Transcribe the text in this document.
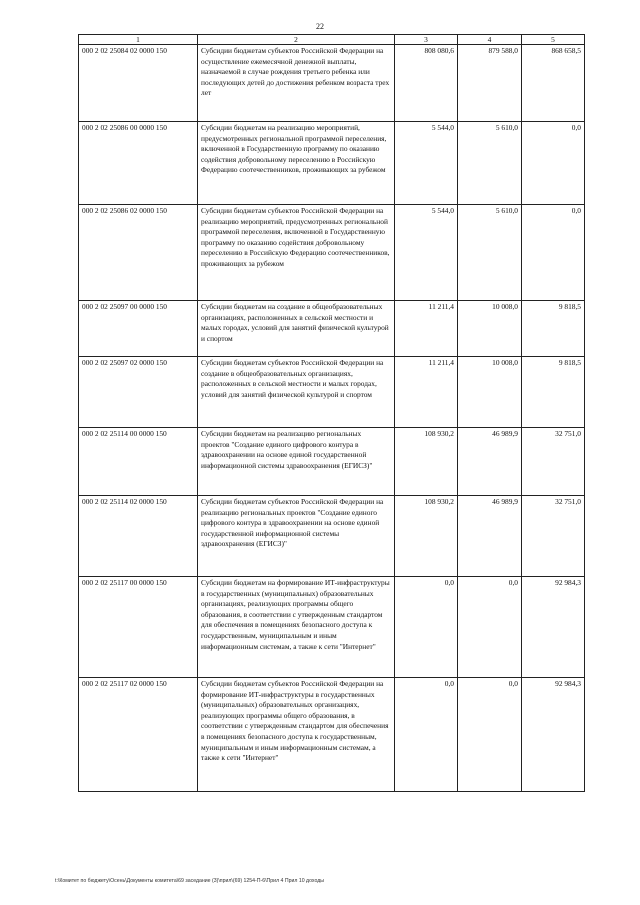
22
1	2	3	4	5
000 2 02 25084 02 0000 150	Субсидии бюджетам субъектов Российской Федерации на осуществление ежемесячной денежной выплаты, назначаемой в случае рождения третьего ребенка или последующих детей до достижения ребенком возраста трех лет	808 080,6	879 588,0	868 658,5
000 2 02 25086 00 0000 150	Субсидии бюджетам на реализацию мероприятий, предусмотренных региональной программой переселения, включенной в Государственную программу по оказанию содействия добровольному переселению в Российскую Федерацию соотечественников, проживающих за рубежом	5 544,0	5 610,0	0,0
000 2 02 25086 02 0000 150	Субсидии бюджетам субъектов Российской Федерации на реализацию мероприятий, предусмотренных региональной программой переселения, включенной в Государственную программу по оказанию содействия добровольному переселению в Российскую Федерацию соотечественников, проживающих за рубежом	5 544,0	5 610,0	0,0
000 2 02 25097 00 0000 150	Субсидии бюджетам на создание в общеобразовательных организациях, расположенных в сельской местности и малых городах, условий для занятий физической культурой и спортом	11 211,4	10 008,0	9 818,5
000 2 02 25097 02 0000 150	Субсидии бюджетам субъектов Российской Федерации на создание в общеобразовательных организациях, расположенных в сельской местности и малых городах, условий для занятий физической культурой и спортом	11 211,4	10 008,0	9 818,5
000 2 02 25114 00 0000 150	Субсидии бюджетам на реализацию региональных проектов "Создание единого цифрового контура в здравоохранении на основе единой государственной информационной системы здравоохранения (ЕГИСЗ)"	108 930,2	46 989,9	32 751,0
000 2 02 25114 02 0000 150	Субсидии бюджетам субъектов Российской Федерации на реализацию региональных проектов "Создание единого цифрового контура в здравоохранении на основе единой государственной информационной системы здравоохранения (ЕГИСЗ)"	108 930,2	46 989,9	32 751,0
000 2 02 25117 00 0000 150	Субсидии бюджетам на формирование ИТ-инфраструктуры в государственных (муниципальных) образовательных организациях, реализующих программы общего образования, в соответствии с утвержденным стандартом для обеспечения в помещениях безопасного доступа к государственным, муниципальным и иным информационным системам, а также к сети "Интернет"	0,0	0,0	92 984,3
000 2 02 25117 02 0000 150	Субсидии бюджетам субъектов Российской Федерации на формирование ИТ-инфраструктуры в государственных (муниципальных) образовательных организациях, реализующих программы общего образования, в соответствии с утвержденным стандартом для обеспечения в помещениях безопасного доступа к государственным, муниципальным и иным информационным системам, а также к сети "Интернет"	0,0	0,0	92 984,3
t:\Комитет по бюджету\Осень\Документы комитета\69 заседание (3)\прил\(69) 1254-П-6\Прил 4 Прил 10 доходы
